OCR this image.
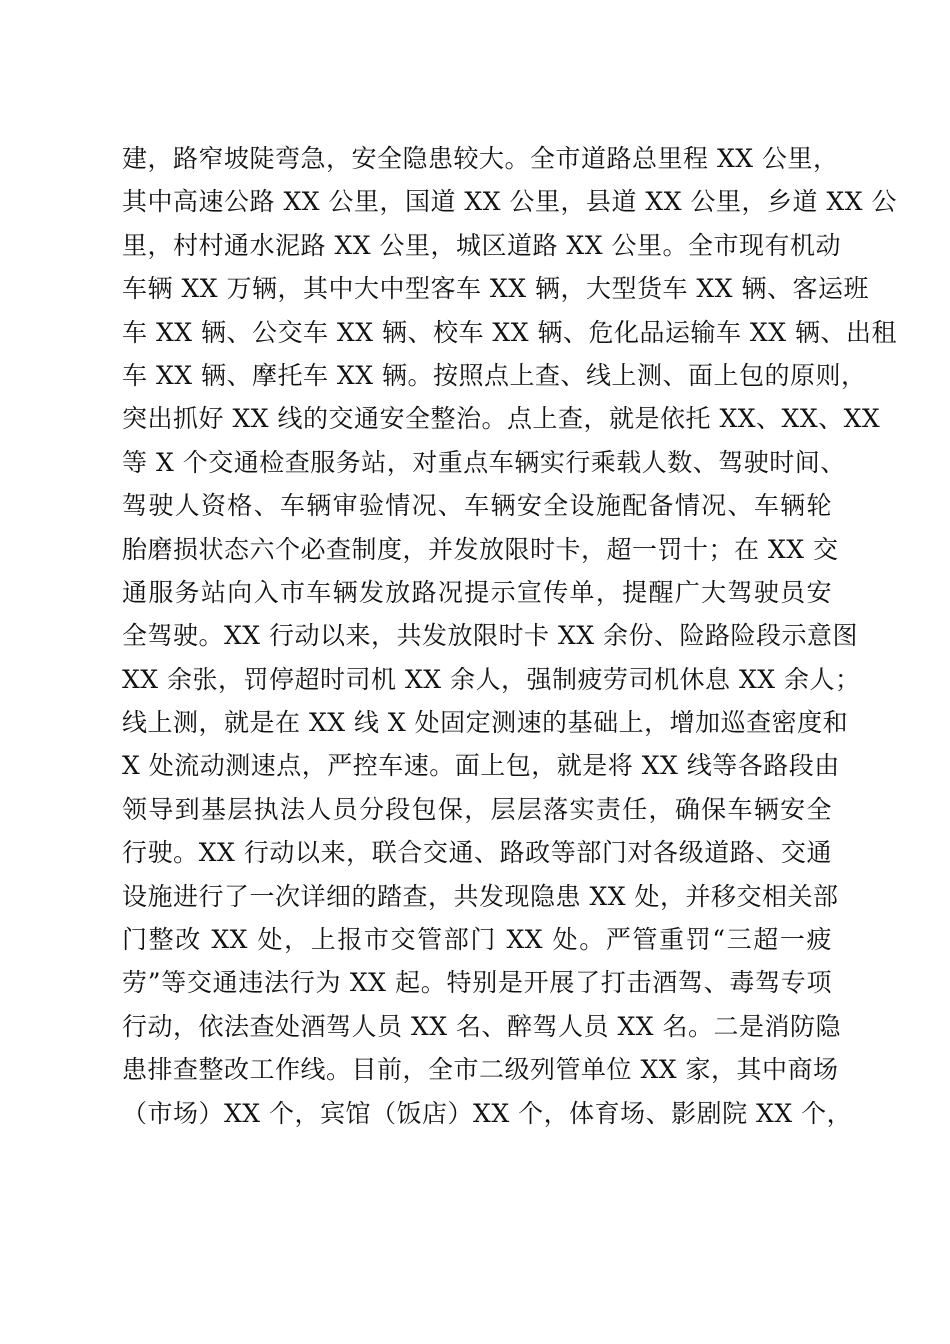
建，路窄坡陡弯急，安全隐患较大。全市道路总里程 XX 公里，
其中高速公路 XX 公里，国道 XX 公里，县道 XX 公里，乡道 XX 公
里，村村通水泥路 XX 公里，城区道路 XX 公里。全市现有机动
车辆 XX 万辆，其中大中型客车 XX 辆，大型货车 XX 辆、客运班
车 XX 辆、公交车 XX 辆、校车 XX 辆、危化品运输车 XX 辆、出租
车 XX 辆、摩托车 XX 辆。按照点上查、线上测、面上包的原则，
突出抓好 XX 线的交通安全整治。点上查，就是依托 XX、XX、XX
等 X 个交通检查服务站，对重点车辆实行乘载人数、驾驶时间、
驾驶人资格、车辆审验情况、车辆安全设施配备情况、车辆轮
胎磨损状态六个必查制度，并发放限时卡，超一罚十；在 XX 交
通服务站向入市车辆发放路况提示宣传单，提醒广大驾驶员安
全驾驶。XX 行动以来，共发放限时卡 XX 余份、险路险段示意图
XX 余张，罚停超时司机 XX 余人，强制疲劳司机休息 XX 余人；
线上测，就是在 XX 线 X 处固定测速的基础上，增加巡查密度和
X 处流动测速点，严控车速。面上包，就是将 XX 线等各路段由
领导到基层执法人员分段包保，层层落实责任，确保车辆安全
行驶。XX 行动以来，联合交通、路政等部门对各级道路、交通
设施进行了一次详细的踏查，共发现隐患 XX 处，并移交相关部
门整改 XX 处，上报市交管部门 XX 处。严管重罚“三超一疲
劳”等交通违法行为 XX 起。特别是开展了打击酒驾、毒驾专项
行动，依法查处酒驾人员 XX 名、醉驾人员 XX 名。二是消防隐
患排查整改工作线。目前，全市二级列管单位 XX 家，其中商场
（市场）XX 个，宾馆（饭店）XX 个，体育场、影剧院 XX 个，
